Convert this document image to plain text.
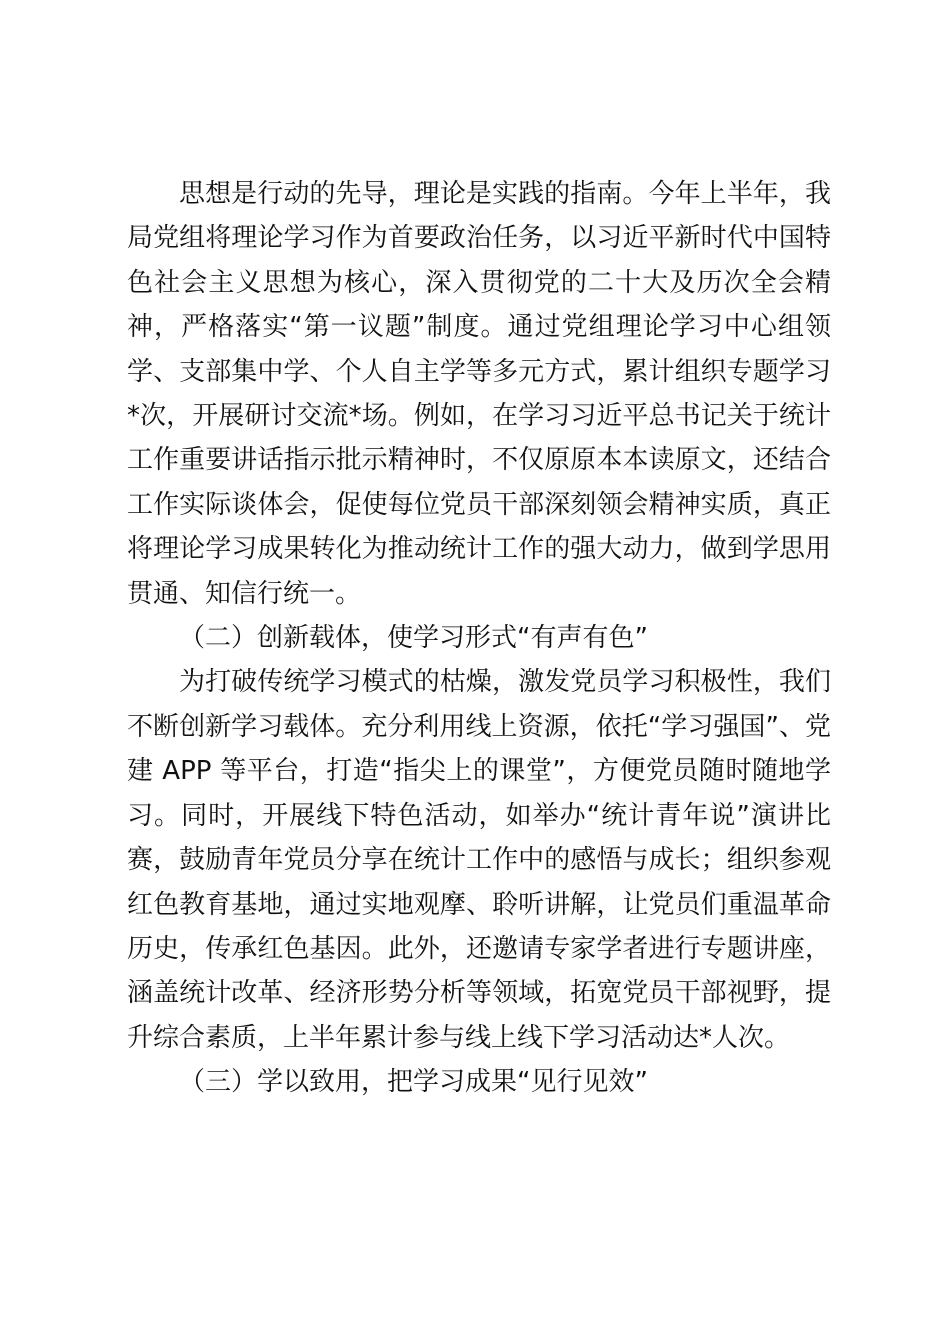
思想是行动的先导，理论是实践的指南。今年上半年，我局党组将理论学习作为首要政治任务，以习近平新时代中国特色社会主义思想为核心，深入贯彻党的二十大及历次全会精神，严格落实“第一议题”制度。通过党组理论学习中心组领学、支部集中学、个人自主学等多元方式，累计组织专题学习*次，开展研讨交流*场。例如，在学习习近平总书记关于统计工作重要讲话指示批示精神时，不仅原原本本读原文，还结合工作实际谈体会，促使每位党员干部深刻领会精神实质，真正将理论学习成果转化为推动统计工作的强大动力，做到学思用贯通、知信行统一。

（二）创新载体，使学习形式“有声有色”

为打破传统学习模式的枯燥，激发党员学习积极性，我们不断创新学习载体。充分利用线上资源，依托“学习强国”、党建 APP 等平台，打造“指尖上的课堂”，方便党员随时随地学习。同时，开展线下特色活动，如举办“统计青年说”演讲比赛，鼓励青年党员分享在统计工作中的感悟与成长；组织参观红色教育基地，通过实地观摩、聆听讲解，让党员们重温革命历史，传承红色基因。此外，还邀请专家学者进行专题讲座，涵盖统计改革、经济形势分析等领域，拓宽党员干部视野，提升综合素质，上半年累计参与线上线下学习活动达*人次。

（三）学以致用，把学习成果“见行见效”
